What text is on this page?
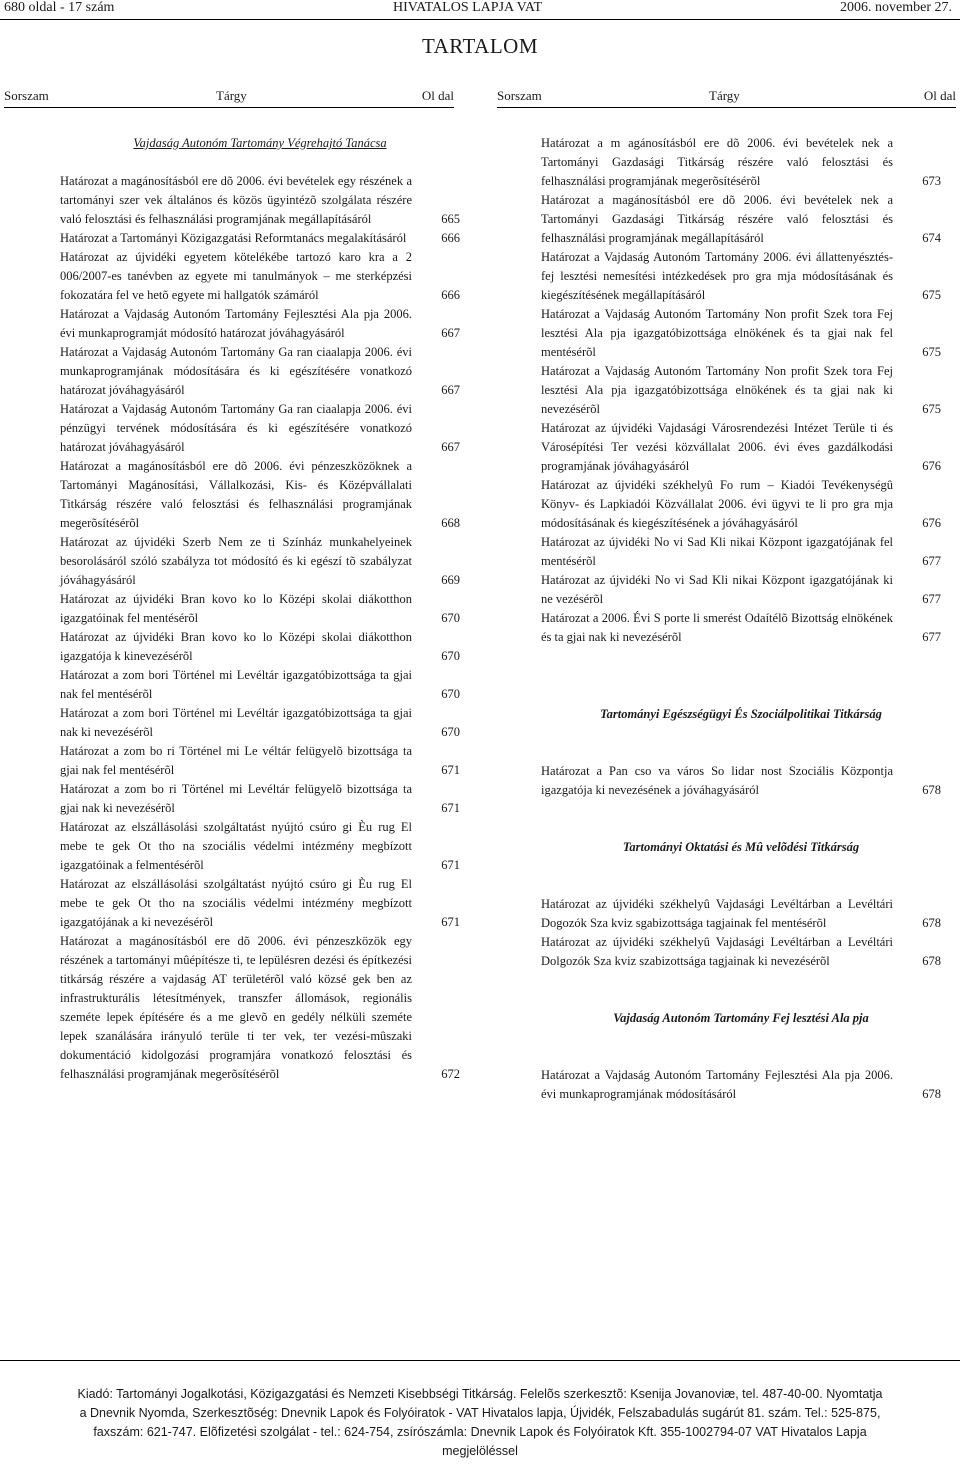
680 oldal - 17 szám	HIVATALOS LAPJA VAT	2006. november 27.
TARTALOM
Sorszam	Tárgy	Ol dal	Sorszam	Tárgy	Ol dal
Vajdaság Autonóm Tartomány Végrehajtó Tanácsa
Határozat a magánosításból ere dõ 2006. évi bevételek egy részének a tartományi szer vek általános és közös ügyintézõ szolgálata részére való felosztási és felhasználási programjának megállapításáról	665
Határozat a Tartományi Közigazgatási Reformtanács megalakításáról	666
Határozat az újvidéki egyetem kötelékébe tartozó karo kra a 2 006/2007-es tanévben az egyete mi tanulmányok – me sterképzési fokozatára fel ve hetõ egyete mi hallgatók számáról	666
Határozat a Vajdaság Autonóm Tartomány Fejlesztési Ala pja 2006. évi munkaprogramját módosító határozat jóváhagyásáról	667
Határozat a Vajdaság Autonóm Tartomány Ga ran ciaalapja 2006. évi munkaprogramjának módosítására és ki egészítésére vonatkozó határozat jóváhagyásáról	667
Határozat a Vajdaság Autonóm Tartomány Ga ran ciaalapja 2006. évi pénzügyi tervének módosítására és ki egészítésére vonatkozó határozat jóváhagyásáról	667
Határozat a magánosításból ere dõ 2006. évi pénzeszközöknek a Tartományi Magánosítási, Vállalkozási, Kis- és Középvállalati Titkárság részére való felosztási és felhasználási programjának megerõsítésérõl	668
Határozat az újvidéki Szerb Nem ze ti Színház munkahelyeinek besorolásáról szóló szabályza tot módosító és ki egészí tõ szabályzat jóváhagyásáról	669
Határozat az újvidéki Bran kovo ko lo Középi skolai diákotthon igazgatóinak fel mentésérõl	670
Határozat az újvidéki Bran kovo ko lo Középi skolai diákotthon igazgatója k kinevezésérõl	670
Határozat a zom bori Történel mi Levéltár igazgatóbizottsága ta gjai nak fel mentésérõl	670
Határozat a zom bori Történel mi Levéltár igazgatóbizottsága ta gjai nak ki nevezésérõl	670
Határozat a zom bo ri Történel mi Le véltár felügyelõ bizottsága ta gjai nak fel mentésérõl	671
Határozat a zom bo ri Történel mi Levéltár felügyelõ bizottsága ta gjai nak ki nevezésérõl	671
Határozat az elszállásolási szolgáltatást nyújtó csúro gi Èu rug El mebe te gek Ot tho na szociális védelmi intézmény megbízott igazgatóinak a felmentésérõl	671
Határozat az elszállásolási szolgáltatást nyújtó csúro gi Èu rug El mebe te gek Ot tho na szociális védelmi intézmény megbízott igazgatójának a ki nevezésérõl	671
Határozat a magánosításból ere dõ 2006. évi pénzeszközök egy részének a tartományi mûépítésze ti, te lepülésren dezési és építkezési titkárság részére a vajdaság AT területérõl való közsé gek ben az infrastrukturális létesítmények, transzfer állomások, regionális szeméte lepek építésére és a me glevõ en gedély nélküli szeméte lepek szanálására irányuló terüle ti ter vek, ter vezési-mûszaki dokumentáció kidolgozási programjára vonatkozó felosztási és felhasználási programjának megerõsítésérõl	672
Határozat a m agánosításból ere dõ 2006. évi bevételek nek a Tartományi Gazdasági Titkárság részére való felosztási és felhasználási programjának megerõsítésérõl	673
Határozat a magánosításból ere dõ 2006. évi bevételek nek a Tartományi Gazdasági Titkárság részére való felosztási és felhasználási programjának megállapításáról	674
Határozat a Vajdaság Autonóm Tartomány 2006. évi állattenyésztés-fej lesztési nemesítési intézkedések pro gra mja módosításának és kiegészítésének megállapításáról	675
Határozat a Vajdaság Autonóm Tartomány Non profit Szek tora Fej lesztési Ala pja igazgatóbizottsága elnökének és ta gjai nak fel mentésérõl	675
Határozat a Vajdaság Autonóm Tartomány Non profit Szek tora Fej lesztési Ala pja igazgatóbizottsága elnökének és ta gjai nak ki nevezésérõl	675
Határozat az újvidéki Vajdasági Városrendezési Intézet Terüle ti és Városépítési Ter vezési közvállalat 2006. évi éves gazdálkodási programjának jóváhagyásáról	676
Határozat az újvidéki székhelyû Fo rum – Kiadói Tevékenységû Könyv- és Lapkiadói Közvállalat 2006. évi ügyvi te li pro gra mja módosításának és kiegészítésének a jóváhagyásáról	676
Határozat az újvidéki No vi Sad Kli nikai Központ igazgatójának fel mentésérõl	677
Határozat az újvidéki No vi Sad Kli nikai Központ igazgatójának ki ne vezésérõl	677
Határozat a 2006. Évi S porte li smerést Odaítélõ Bizottság elnökének és ta gjai nak ki nevezésérõl	677
Tartományi Egészségügyi És Szociálpolitikai Titkárság
Határozat a Pan cso va város So lidar nost Szociális Központja igazgatója ki nevezésének a jóváhagyásáról	678
Tartományi Oktatási és Mû velõdési Titkárság
Határozat az újvidéki székhelyû Vajdasági Levéltárban a Levéltári Dogozók Sza kviz sgabizottsága tagjainak fel mentésérõl	678
Határozat az újvidéki székhelyû Vajdasági Levéltárban a Levéltári Dolgozók Sza kviz szabizottsága tagjainak ki nevezésérõl	678
Vajdaság Autonóm Tartomány Fej lesztési Ala pja
Határozat a Vajdaság Autonóm Tartomány Fejlesztési Ala pja 2006. évi munkaprogramjának módosításáról	678

Kiadó: Tartományi Jogalkotási, Közigazgatási és Nemzeti Kisebbségi Titkárság. Felelõs szerkesztõ: Ksenija Jovanoviæ, tel. 487-40-00. Nyomtatja

a Dnevnik Nyomda, Szerkesztõség: Dnevnik Lapok és Folyóiratok - VAT Hivatalos lapja, Újvidék, Felszabadulás sugárút 81. szám. Tel.: 525-875,

faxszám: 621-747. Elõfizetési szolgálat - tel.: 624-754, zsírószámla: Dnevnik Lapok és Folyóiratok Kft. 355-1002794-07 VAT Hivatalos Lapja

megjelöléssel
